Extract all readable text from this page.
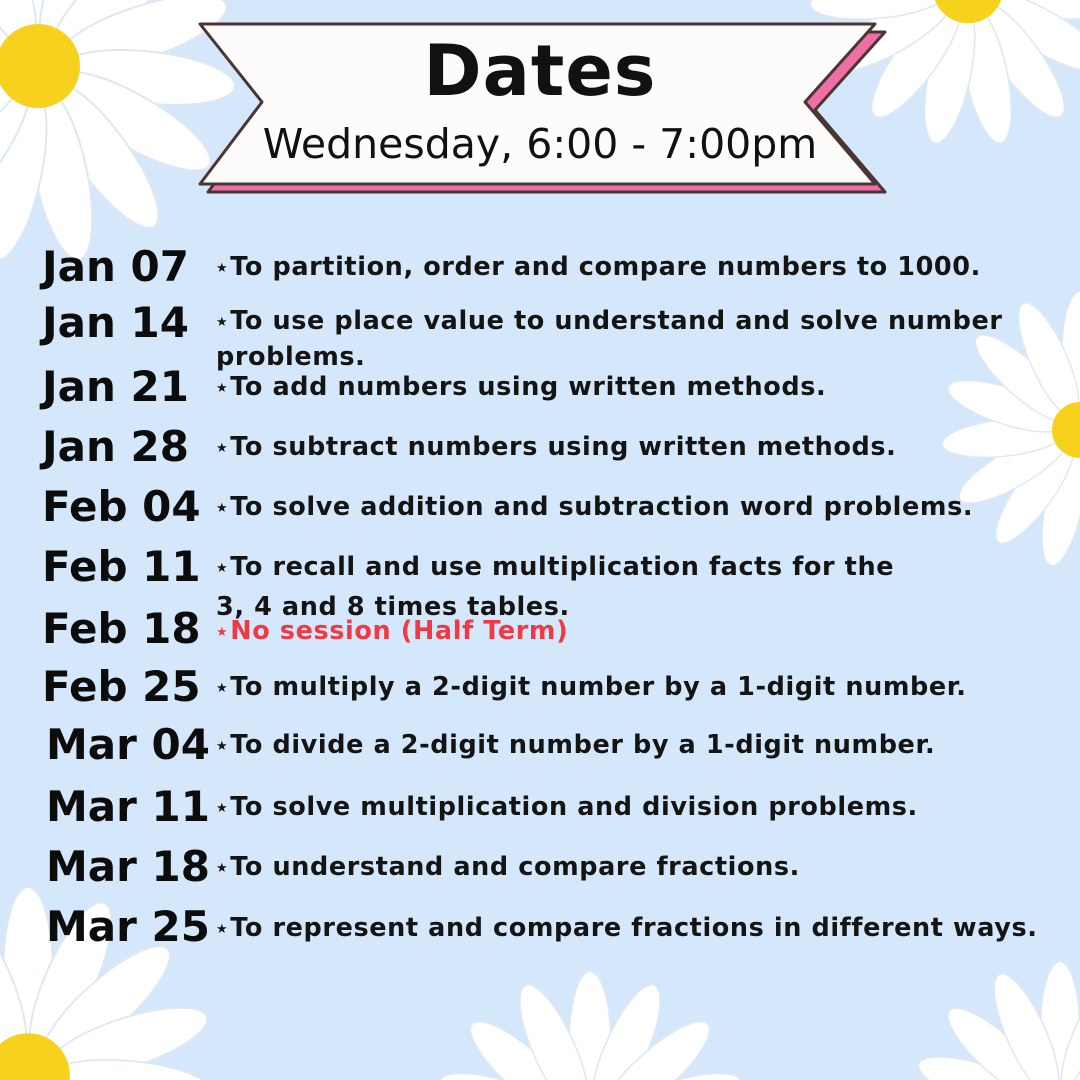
Dates
Wednesday, 6:00 - 7:00pm
Jan 07 ★To partition, order and compare numbers to 1000.
Jan 14 ★To use place value to understand and solve number problems.
Jan 21 ★To add numbers using written methods.
Jan 28 ★To subtract numbers using written methods.
Feb 04 ★To solve addition and subtraction word problems.
Feb 11 ★To recall and use multiplication facts for the 3, 4 and 8 times tables.
Feb 18 ★No session (Half Term)
Feb 25 ★To multiply a 2-digit number by a 1-digit number.
Mar 04 ★To divide a 2-digit number by a 1-digit number.
Mar 11 ★To solve multiplication and division problems.
Mar 18 ★To understand and compare fractions.
Mar 25 ★To represent and compare fractions in different ways.
